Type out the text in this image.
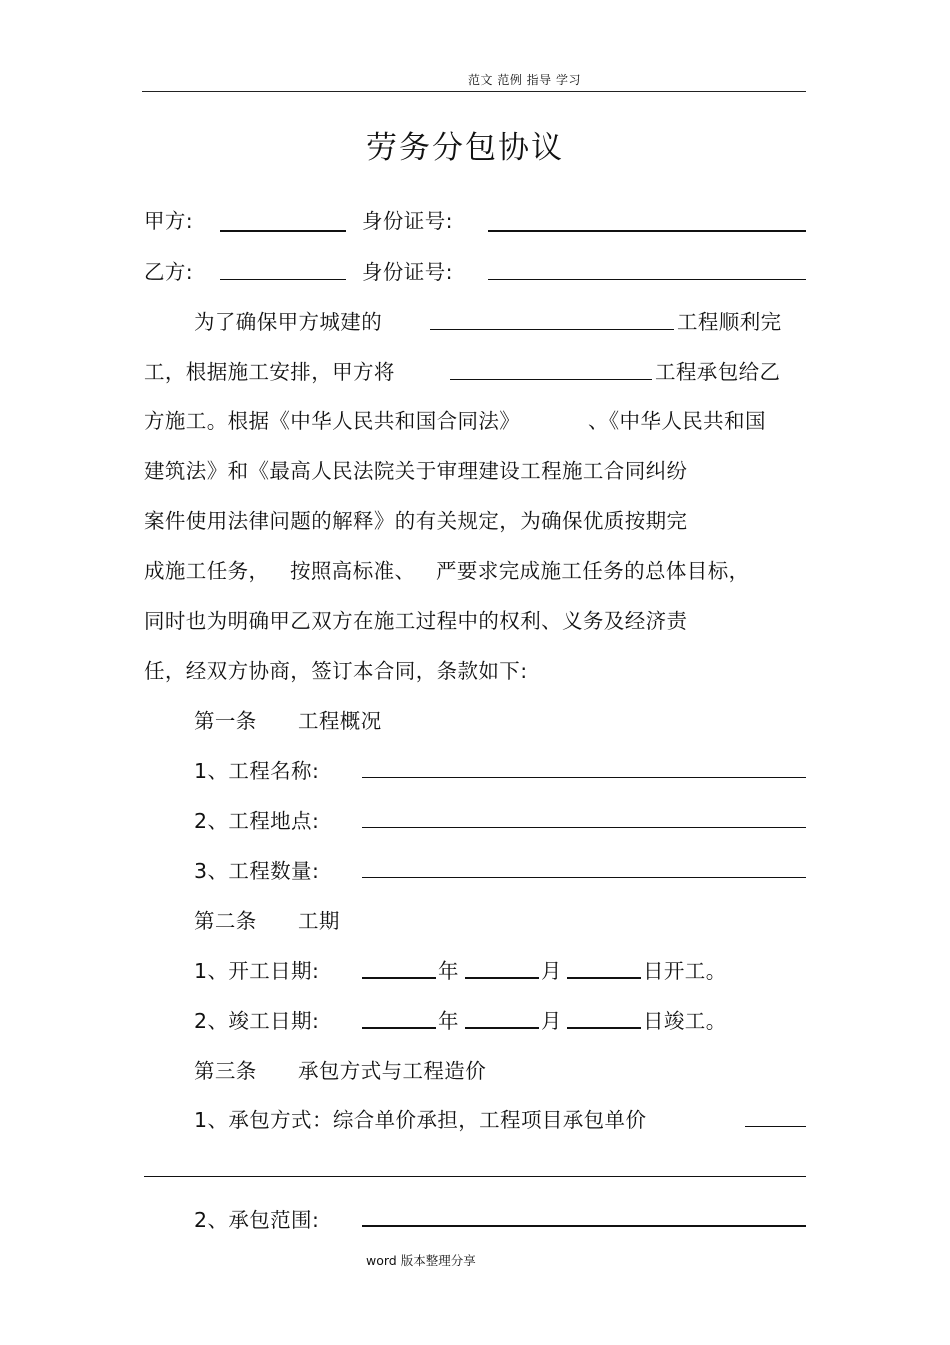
范文 范例 指导 学习
劳务分包协议
甲方:	身份证号:
乙方:	身份证号:
为了确保甲方城建的	工程顺利完
工，根据施工安排，甲方将	工程承包给乙
方施工。根据《中华人民共和国合同法》	、《中华人民共和国
建筑法》和《最高人民法院关于审理建设工程施工合同纠纷
案件使用法律问题的解释》的有关规定，为确保优质按期完
成施工任务， 按照高标准、 严要求完成施工任务的总体目标，
同时也为明确甲乙双方在施工过程中的权利、义务及经济责
任，经双方协商，签订本合同，条款如下:
第一条 工程概况
1、工程名称:
2、工程地点:
3、工程数量:
第二条 工期
1、开工日期:	年	月	日开工。
2、竣工日期:	年	月	日竣工。
第三条 承包方式与工程造价
1、承包方式：综合单价承担，工程项目承包单价
2、承包范围:
word 版本整理分享
